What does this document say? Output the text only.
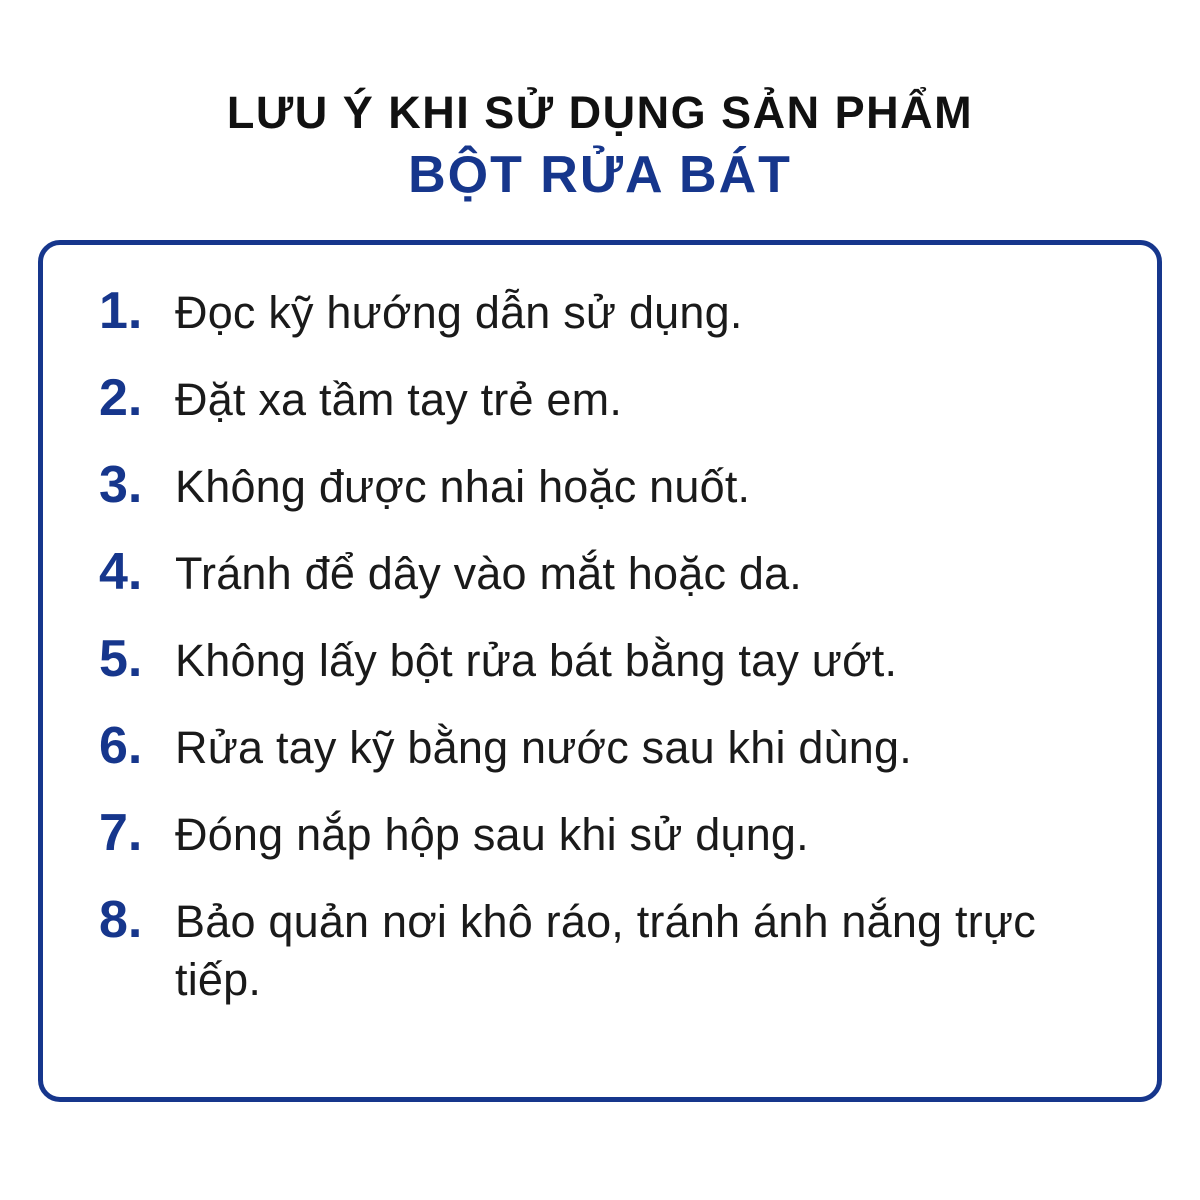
LƯU Ý KHI SỬ DỤNG SẢN PHẨM
BỘT RỬA BÁT
1. Đọc kỹ hướng dẫn sử dụng.
2. Đặt xa tầm tay trẻ em.
3. Không được nhai hoặc nuốt.
4. Tránh để dây vào mắt hoặc da.
5. Không lấy bột rửa bát bằng tay ướt.
6. Rửa tay kỹ bằng nước sau khi dùng.
7. Đóng nắp hộp sau khi sử dụng.
8. Bảo quản nơi khô ráo, tránh ánh nắng trực tiếp.
